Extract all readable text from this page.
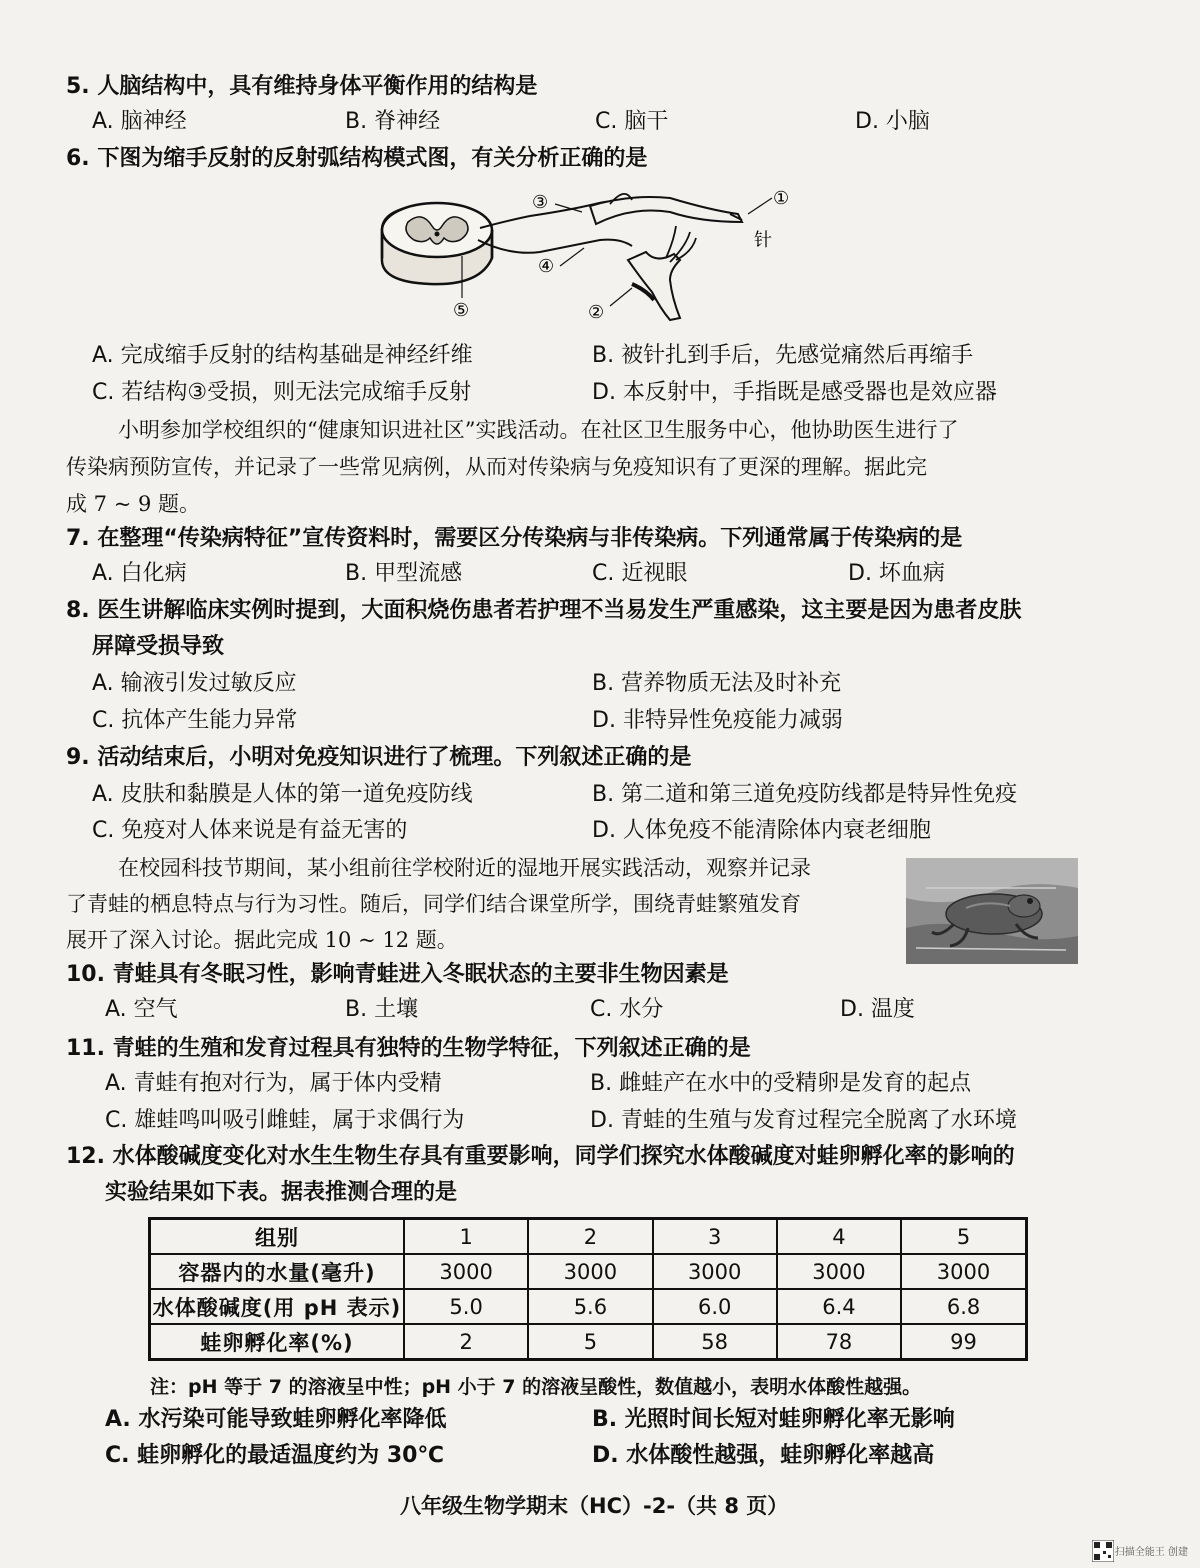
5. 人脑结构中，具有维持身体平衡作用的结构是
A. 脑神经	B. 脊神经	C. 脑干	D. 小脑
6. 下图为缩手反射的反射弧结构模式图，有关分析正确的是
①
②
③
④
⑤
针
A. 完成缩手反射的结构基础是神经纤维	B. 被针扎到手后，先感觉痛然后再缩手
C. 若结构③受损，则无法完成缩手反射	D. 本反射中，手指既是感受器也是效应器
小明参加学校组织的“健康知识进社区”实践活动。在社区卫生服务中心，他协助医生进行了
传染病预防宣传，并记录了一些常见病例，从而对传染病与免疫知识有了更深的理解。据此完
成 7 ~ 9 题。
7. 在整理“传染病特征”宣传资料时，需要区分传染病与非传染病。下列通常属于传染病的是
A. 白化病	B. 甲型流感	C. 近视眼	D. 坏血病
8. 医生讲解临床实例时提到，大面积烧伤患者若护理不当易发生严重感染，这主要是因为患者皮肤
屏障受损导致
A. 输液引发过敏反应	B. 营养物质无法及时补充
C. 抗体产生能力异常	D. 非特异性免疫能力减弱
9. 活动结束后，小明对免疫知识进行了梳理。下列叙述正确的是
A. 皮肤和黏膜是人体的第一道免疫防线	B. 第二道和第三道免疫防线都是特异性免疫
C. 免疫对人体来说是有益无害的	D. 人体免疫不能清除体内衰老细胞
在校园科技节期间，某小组前往学校附近的湿地开展实践活动，观察并记录
了青蛙的栖息特点与行为习性。随后，同学们结合课堂所学，围绕青蛙繁殖发育
展开了深入讨论。据此完成 10 ~ 12 题。
10. 青蛙具有冬眠习性，影响青蛙进入冬眠状态的主要非生物因素是
A. 空气	B. 土壤	C. 水分	D. 温度
11. 青蛙的生殖和发育过程具有独特的生物学特征，下列叙述正确的是
A. 青蛙有抱对行为，属于体内受精	B. 雌蛙产在水中的受精卵是发育的起点
C. 雄蛙鸣叫吸引雌蛙，属于求偶行为	D. 青蛙的生殖与发育过程完全脱离了水环境
12. 水体酸碱度变化对水生生物生存具有重要影响，同学们探究水体酸碱度对蛙卵孵化率的影响的
实验结果如下表。据表推测合理的是
组别	1	2	3	4	5
容器内的水量(毫升)	3000	3000	3000	3000	3000
水体酸碱度(用 pH 表示)	5.0	5.6	6.0	6.4	6.8
蛙卵孵化率(%)	2	5	58	78	99
注：pH 等于 7 的溶液呈中性；pH 小于 7 的溶液呈酸性，数值越小，表明水体酸性越强。
A. 水污染可能导致蛙卵孵化率降低	B. 光照时间长短对蛙卵孵化率无影响
C. 蛙卵孵化的最适温度约为 30℃	D. 水体酸性越强，蛙卵孵化率越高
八年级生物学期末（HC）-2-（共 8 页）
扫描全能王 创建
